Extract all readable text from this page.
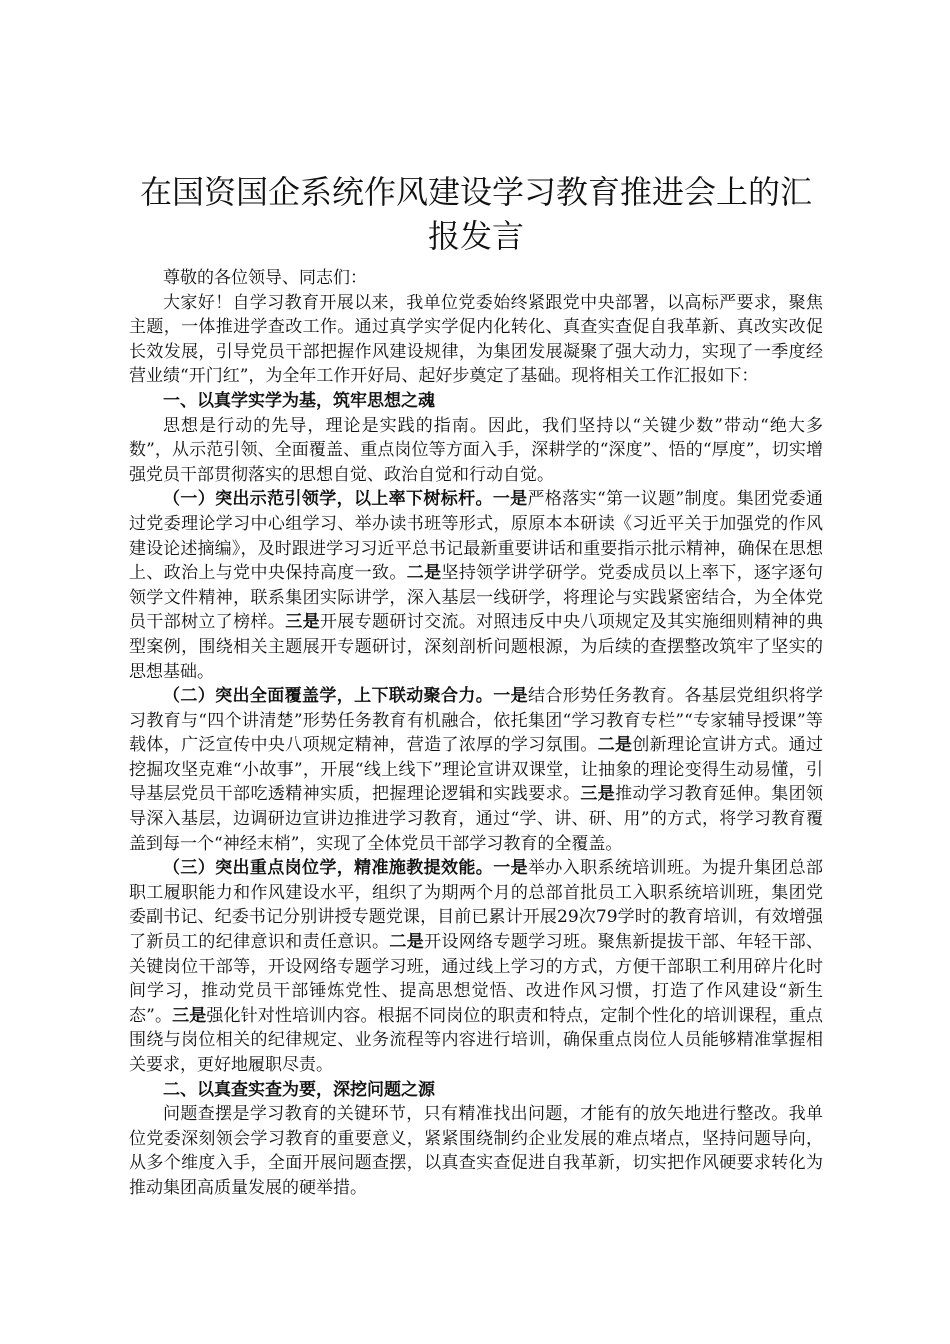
在国资国企系统作风建设学习教育推进会上的汇报发言

尊敬的各位领导、同志们：

大家好！自学习教育开展以来，我单位党委始终紧跟党中央部署，以高标严要求，聚焦主题，一体推进学查改工作。通过真学实学促内化转化、真查实查促自我革新、真改实改促长效发展，引导党员干部把握作风建设规律，为集团发展凝聚了强大动力，实现了一季度经营业绩“开门红”，为全年工作开好局、起好步奠定了基础。现将相关工作汇报如下：

一、以真学实学为基，筑牢思想之魂

思想是行动的先导，理论是实践的指南。因此，我们坚持以“关键少数”带动“绝大多数”，从示范引领、全面覆盖、重点岗位等方面入手，深耕学的“深度”、悟的“厚度”，切实增强党员干部贯彻落实的思想自觉、政治自觉和行动自觉。

（一）突出示范引领学，以上率下树标杆。一是严格落实“第一议题”制度。集团党委通过党委理论学习中心组学习、举办读书班等形式，原原本本研读《习近平关于加强党的作风建设论述摘编》，及时跟进学习习近平总书记最新重要讲话和重要指示批示精神，确保在思想上、政治上与党中央保持高度一致。二是坚持领学讲学研学。党委成员以上率下，逐字逐句领学文件精神，联系集团实际讲学，深入基层一线研学，将理论与实践紧密结合，为全体党员干部树立了榜样。三是开展专题研讨交流。对照违反中央八项规定及其实施细则精神的典型案例，围绕相关主题展开专题研讨，深刻剖析问题根源，为后续的查摆整改筑牢了坚实的思想基础。

（二）突出全面覆盖学，上下联动聚合力。一是结合形势任务教育。各基层党组织将学习教育与“四个讲清楚”形势任务教育有机融合，依托集团“学习教育专栏”“专家辅导授课”等载体，广泛宣传中央八项规定精神，营造了浓厚的学习氛围。二是创新理论宣讲方式。通过挖掘攻坚克难“小故事”，开展“线上线下”理论宣讲双课堂，让抽象的理论变得生动易懂，引导基层党员干部吃透精神实质，把握理论逻辑和实践要求。三是推动学习教育延伸。集团领导深入基层，边调研边宣讲边推进学习教育，通过“学、讲、研、用”的方式，将学习教育覆盖到每一个“神经末梢”，实现了全体党员干部学习教育的全覆盖。

（三）突出重点岗位学，精准施教提效能。一是举办入职系统培训班。为提升集团总部职工履职能力和作风建设水平，组织了为期两个月的总部首批员工入职系统培训班，集团党委副书记、纪委书记分别讲授专题党课，目前已累计开展29次79学时的教育培训，有效增强了新员工的纪律意识和责任意识。二是开设网络专题学习班。聚焦新提拔干部、年轻干部、关键岗位干部等，开设网络专题学习班，通过线上学习的方式，方便干部职工利用碎片化时间学习，推动党员干部锤炼党性、提高思想觉悟、改进作风习惯，打造了作风建设“新生态”。三是强化针对性培训内容。根据不同岗位的职责和特点，定制个性化的培训课程，重点围绕与岗位相关的纪律规定、业务流程等内容进行培训，确保重点岗位人员能够精准掌握相关要求，更好地履职尽责。

二、以真查实查为要，深挖问题之源

问题查摆是学习教育的关键环节，只有精准找出问题，才能有的放矢地进行整改。我单位党委深刻领会学习教育的重要意义，紧紧围绕制约企业发展的难点堵点，坚持问题导向，从多个维度入手，全面开展问题查摆，以真查实查促进自我革新，切实把作风硬要求转化为推动集团高质量发展的硬举措。
